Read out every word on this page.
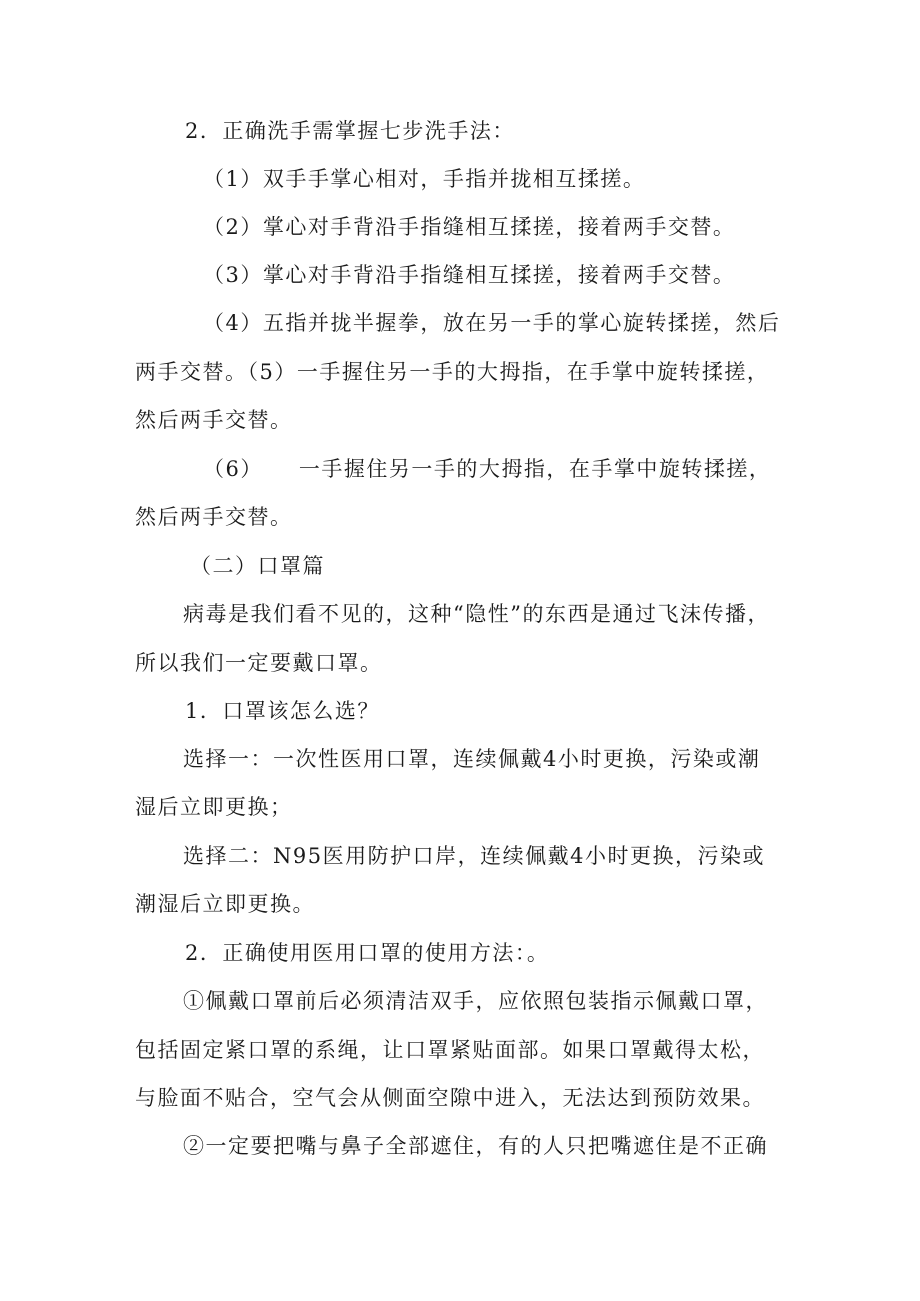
2．正确洗手需掌握七步洗手法：

（1）双手手掌心相对，手指并拢相互揉搓。

（2）掌心对手背沿手指缝相互揉搓，接着两手交替。

（3）掌心对手背沿手指缝相互揉搓，接着两手交替。

（4）五指并拢半握拳，放在另一手的掌心旋转揉搓，然后

两手交替。（5）一手握住另一手的大拇指，在手掌中旋转揉搓，

然后两手交替。

（6） 一手握住另一手的大拇指，在手掌中旋转揉搓，

然后两手交替。

（二）口罩篇

病毒是我们看不见的，这种“隐性”的东西是通过飞沫传播，

所以我们一定要戴口罩。

1．口罩该怎么选？

选择一：一次性医用口罩，连续佩戴4小时更换，污染或潮

湿后立即更换；

选择二：N95医用防护口岸，连续佩戴4小时更换，污染或

潮湿后立即更换。

2．正确使用医用口罩的使用方法：。

①佩戴口罩前后必须清洁双手，应依照包装指示佩戴口罩，

包括固定紧口罩的系绳，让口罩紧贴面部。如果口罩戴得太松，

与脸面不贴合，空气会从侧面空隙中进入，无法达到预防效果。

②一定要把嘴与鼻子全部遮住，有的人只把嘴遮住是不正确
